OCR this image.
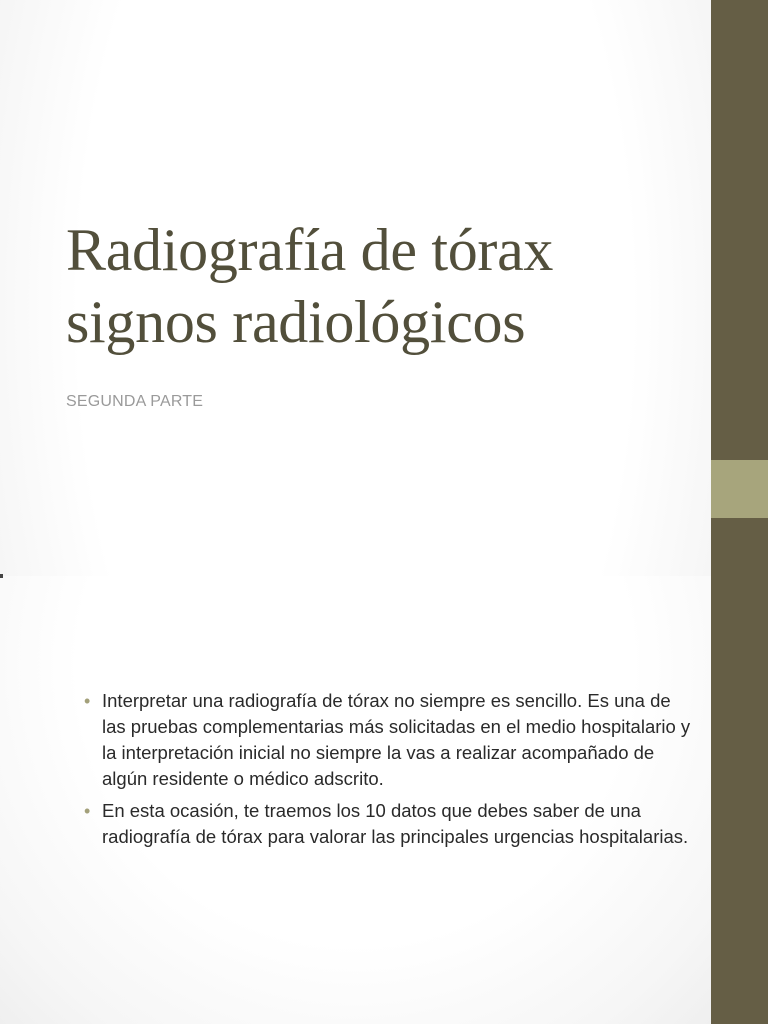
Radiografía de tórax
signos radiológicos

SEGUNDA PARTE

• Interpretar una radiografía de tórax no siempre es sencillo. Es una de las pruebas complementarias más solicitadas en el medio hospitalario y la interpretación inicial no siempre la vas a realizar acompañado de algún residente o médico adscrito.
• En esta ocasión, te traemos los 10 datos que debes saber de una radiografía de tórax para valorar las principales urgencias hospitalarias.
